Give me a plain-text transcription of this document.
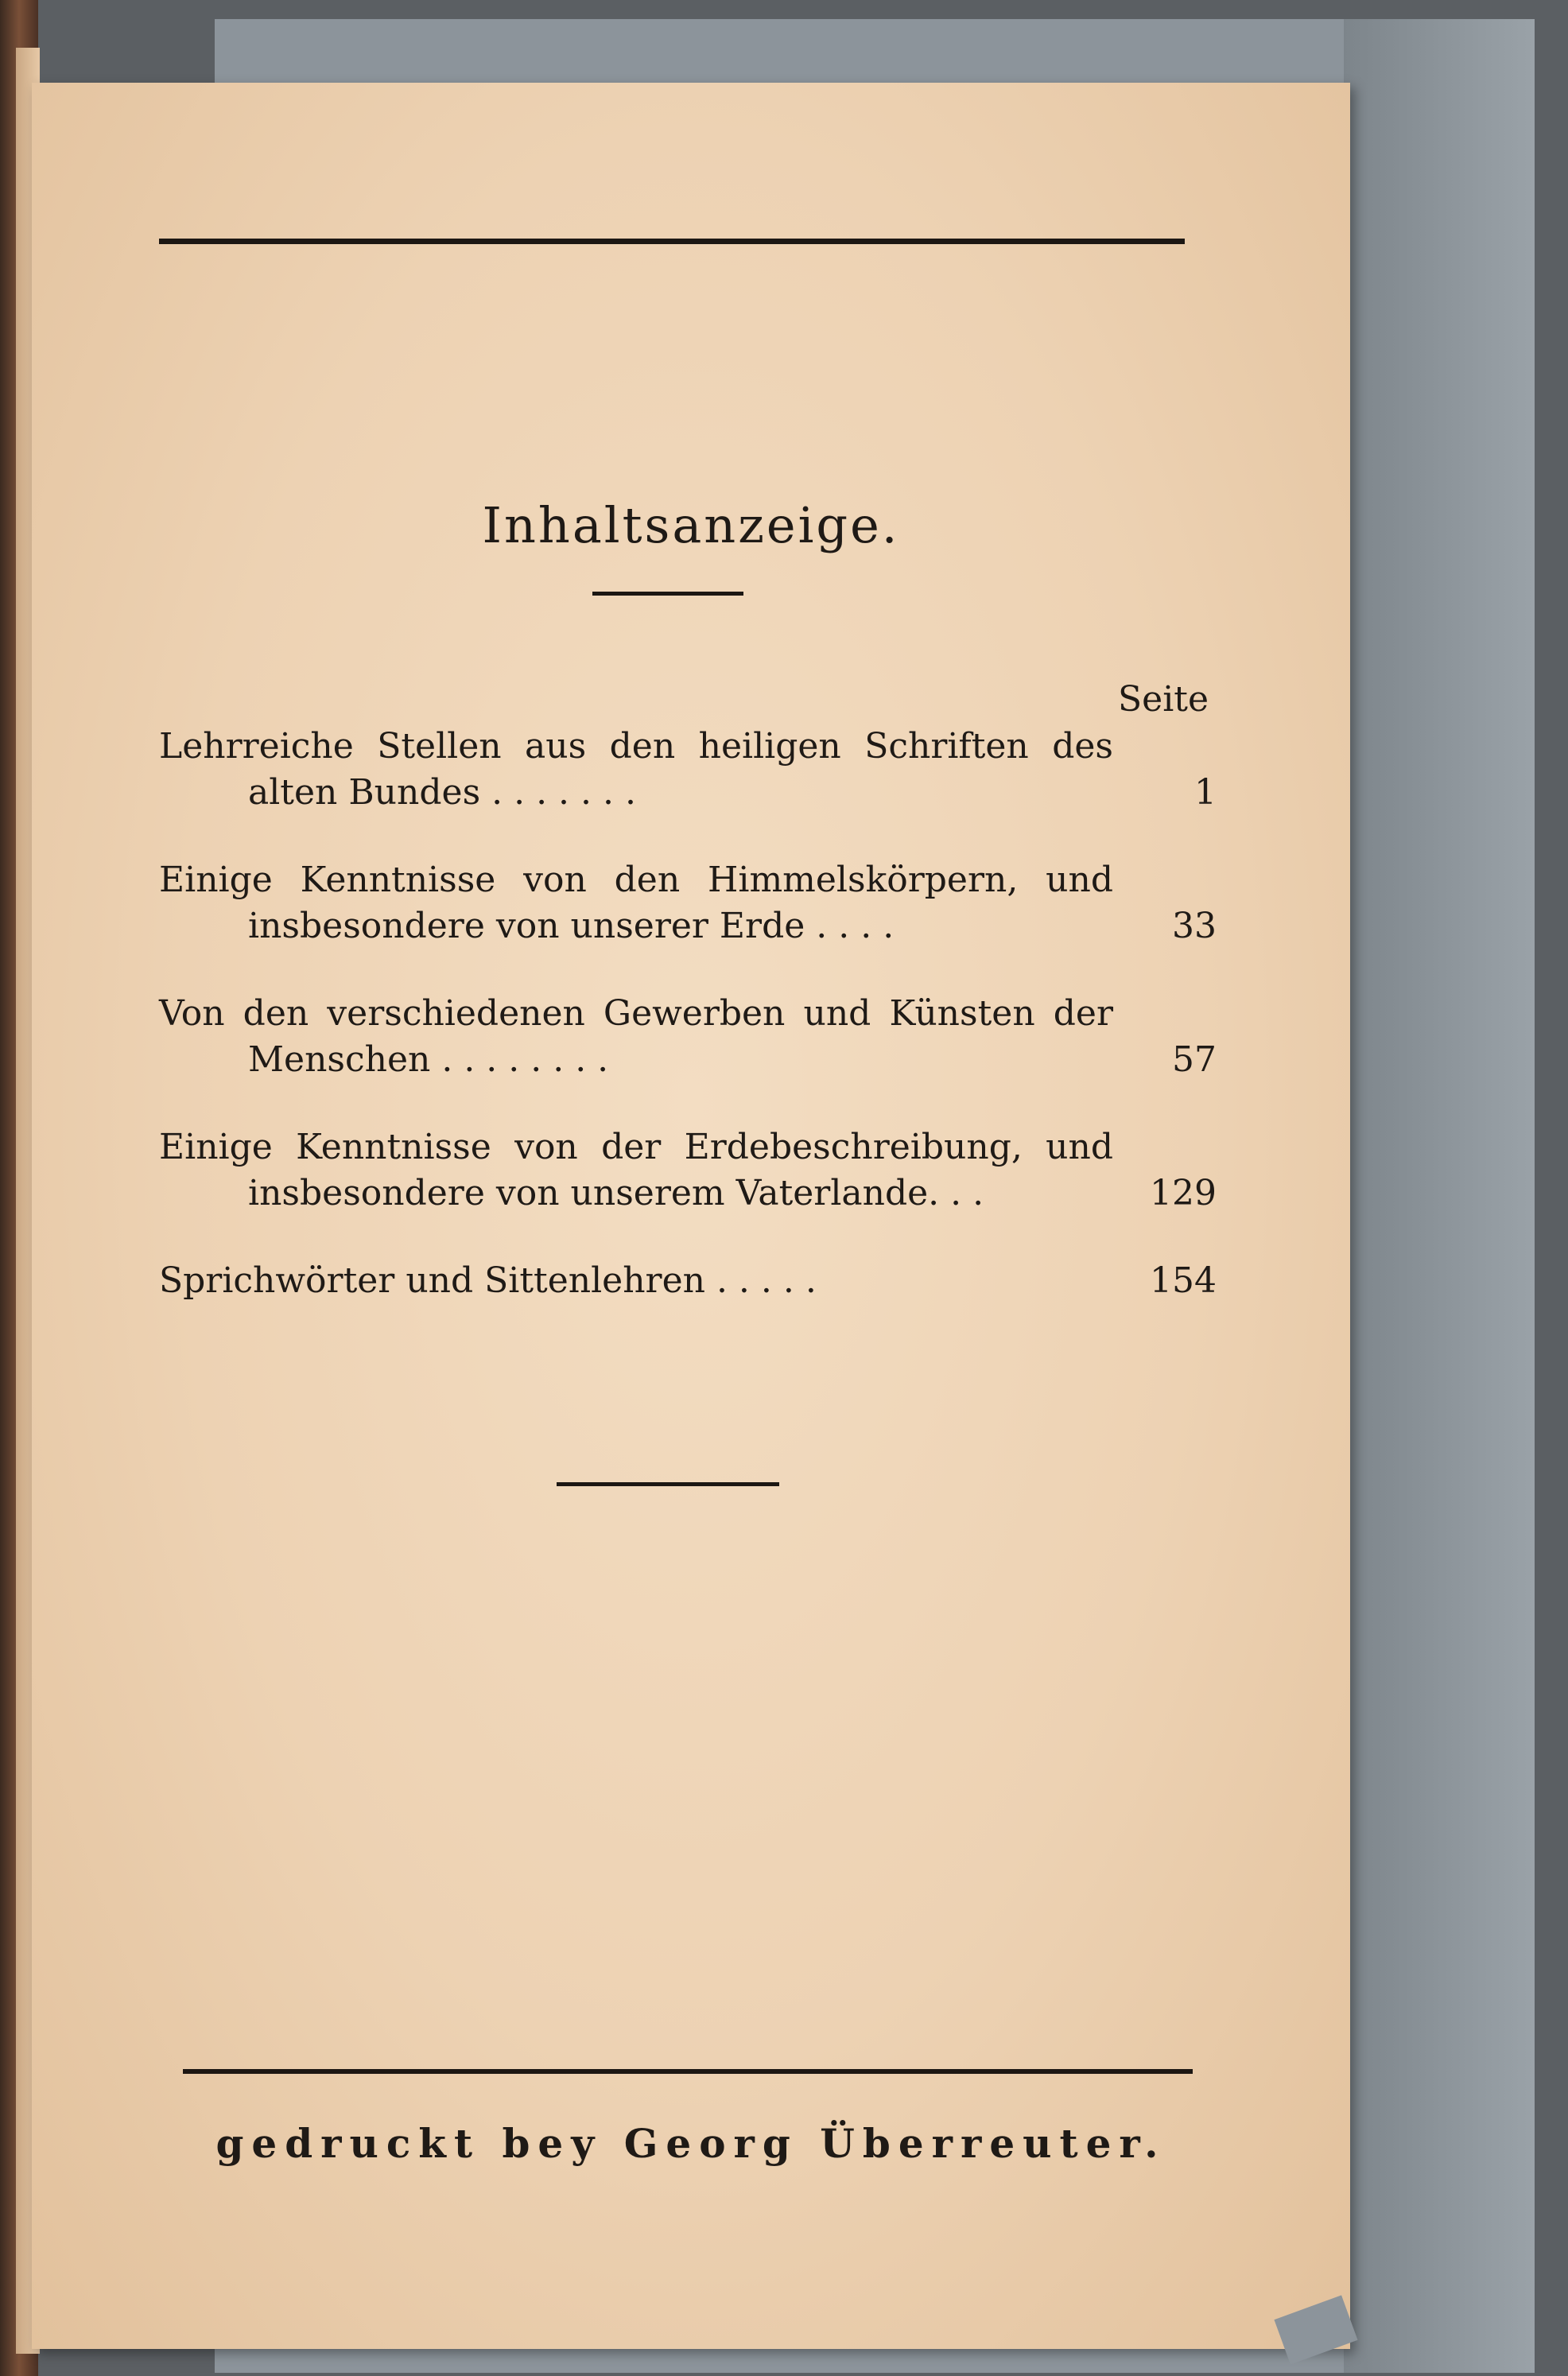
Inhaltsanzeige.
Seite
Lehrreiche Stellen aus den heiligen Schriften des alten Bundes . . . . . . .	1
Einige Kenntnisse von den Himmelskörpern, und insbesondere von unserer Erde . . . .	33
Von den verschiedenen Gewerben und Künsten der Menschen . . . . . . . .	57
Einige Kenntnisse von der Erdebeschreibung, und insbesondere von unserem Vaterlande. . .	129
Sprichwörter und Sittenlehren . . . . .	154
gedruckt bey Georg Überreuter.
